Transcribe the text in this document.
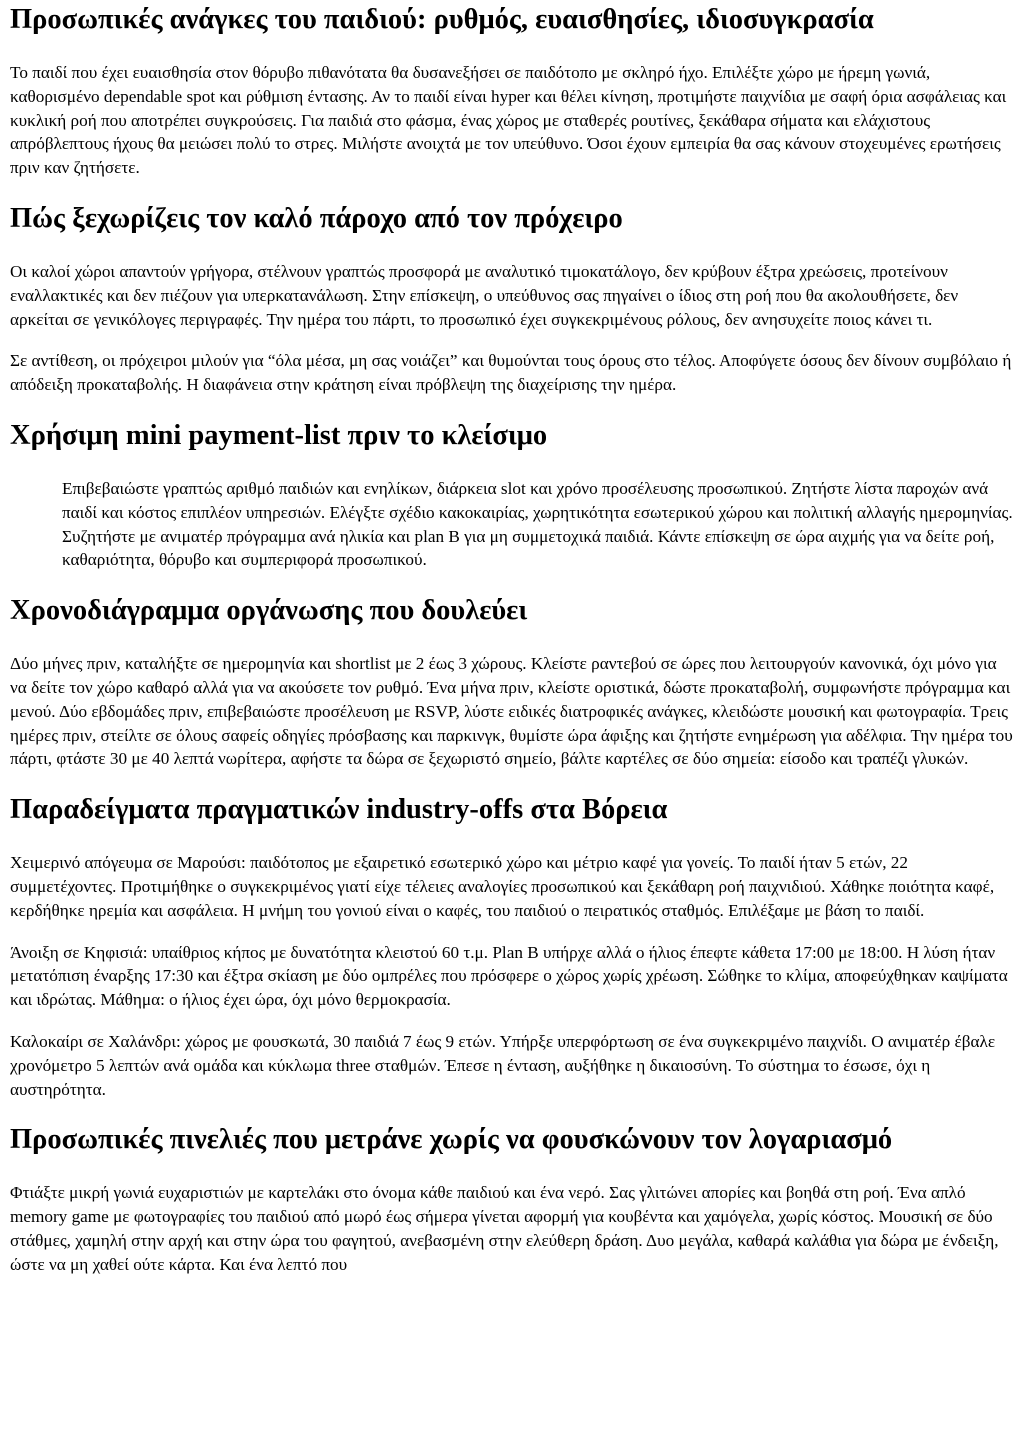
Προσωπικές ανάγκες του παιδιού: ρυθμός, ευαισθησίες, ιδιοσυγκρασία

Το παιδί που έχει ευαισθησία στον θόρυβο πιθανότατα θα δυσανεξήσει σε παιδότοπο με σκληρό ήχο. Επιλέξτε χώρο με ήρεμη γωνιά, καθορισμένο dependable spot και ρύθμιση έντασης. Αν το παιδί είναι hyper και θέλει κίνηση, προτιμήστε παιχνίδια με σαφή όρια ασφάλειας και κυκλική ροή που αποτρέπει συγκρούσεις. Για παιδιά στο φάσμα, ένας χώρος με σταθερές ρουτίνες, ξεκάθαρα σήματα και ελάχιστους απρόβλεπτους ήχους θα μειώσει πολύ το στρες. Μιλήστε ανοιχτά με τον υπεύθυνο. Όσοι έχουν εμπειρία θα σας κάνουν στοχευμένες ερωτήσεις πριν καν ζητήσετε.

Πώς ξεχωρίζεις τον καλό πάροχο από τον πρόχειρο

Οι καλοί χώροι απαντούν γρήγορα, στέλνουν γραπτώς προσφορά με αναλυτικό τιμοκατάλογο, δεν κρύβουν έξτρα χρεώσεις, προτείνουν εναλλακτικές και δεν πιέζουν για υπερκατανάλωση. Στην επίσκεψη, ο υπεύθυνος σας πηγαίνει ο ίδιος στη ροή που θα ακολουθήσετε, δεν αρκείται σε γενικόλογες περιγραφές. Την ημέρα του πάρτι, το προσωπικό έχει συγκεκριμένους ρόλους, δεν ανησυχείτε ποιος κάνει τι.

Σε αντίθεση, οι πρόχειροι μιλούν για “όλα μέσα, μη σας νοιάζει” και θυμούνται τους όρους στο τέλος. Αποφύγετε όσους δεν δίνουν συμβόλαιο ή απόδειξη προκαταβολής. Η διαφάνεια στην κράτηση είναι πρόβλεψη της διαχείρισης την ημέρα.

Χρήσιμη mini payment-list πριν το κλείσιμο

Επιβεβαιώστε γραπτώς αριθμό παιδιών και ενηλίκων, διάρκεια slot και χρόνο προσέλευσης προσωπικού. Ζητήστε λίστα παροχών ανά παιδί και κόστος επιπλέον υπηρεσιών. Ελέγξτε σχέδιο κακοκαιρίας, χωρητικότητα εσωτερικού χώρου και πολιτική αλλαγής ημερομηνίας. Συζητήστε με ανιματέρ πρόγραμμα ανά ηλικία και plan B για μη συμμετοχικά παιδιά. Κάντε επίσκεψη σε ώρα αιχμής για να δείτε ροή, καθαριότητα, θόρυβο και συμπεριφορά προσωπικού.

Χρονοδιάγραμμα οργάνωσης που δουλεύει

Δύο μήνες πριν, καταλήξτε σε ημερομηνία και shortlist με 2 έως 3 χώρους. Κλείστε ραντεβού σε ώρες που λειτουργούν κανονικά, όχι μόνο για να δείτε τον χώρο καθαρό αλλά για να ακούσετε τον ρυθμό. Ένα μήνα πριν, κλείστε οριστικά, δώστε προκαταβολή, συμφωνήστε πρόγραμμα και μενού. Δύο εβδομάδες πριν, επιβεβαιώστε προσέλευση με RSVP, λύστε ειδικές διατροφικές ανάγκες, κλειδώστε μουσική και φωτογραφία. Τρεις ημέρες πριν, στείλτε σε όλους σαφείς οδηγίες πρόσβασης και παρκινγκ, θυμίστε ώρα άφιξης και ζητήστε ενημέρωση για αδέλφια. Την ημέρα του πάρτι, φτάστε 30 με 40 λεπτά νωρίτερα, αφήστε τα δώρα σε ξεχωριστό σημείο, βάλτε καρτέλες σε δύο σημεία: είσοδο και τραπέζι γλυκών.

Παραδείγματα πραγματικών industry-offs στα Βόρεια

Χειμερινό απόγευμα σε Μαρούσι: παιδότοπος με εξαιρετικό εσωτερικό χώρο και μέτριο καφέ για γονείς. Το παιδί ήταν 5 ετών, 22 συμμετέχοντες. Προτιμήθηκε ο συγκεκριμένος γιατί είχε τέλειες αναλογίες προσωπικού και ξεκάθαρη ροή παιχνιδιού. Χάθηκε ποιότητα καφέ, κερδήθηκε ηρεμία και ασφάλεια. Η μνήμη του γονιού είναι ο καφές, του παιδιού ο πειρατικός σταθμός. Επιλέξαμε με βάση το παιδί.

Άνοιξη σε Κηφισιά: υπαίθριος κήπος με δυνατότητα κλειστού 60 τ.μ. Plan B υπήρχε αλλά ο ήλιος έπεφτε κάθετα 17:00 με 18:00. Η λύση ήταν μετατόπιση έναρξης 17:30 και έξτρα σκίαση με δύο ομπρέλες που πρόσφερε ο χώρος χωρίς χρέωση. Σώθηκε το κλίμα, αποφεύχθηκαν καψίματα και ιδρώτας. Μάθημα: ο ήλιος έχει ώρα, όχι μόνο θερμοκρασία.

Καλοκαίρι σε Χαλάνδρι: χώρος με φουσκωτά, 30 παιδιά 7 έως 9 ετών. Υπήρξε υπερφόρτωση σε ένα συγκεκριμένο παιχνίδι. Ο ανιματέρ έβαλε χρονόμετρο 5 λεπτών ανά ομάδα και κύκλωμα three σταθμών. Έπεσε η ένταση, αυξήθηκε η δικαιοσύνη. Το σύστημα το έσωσε, όχι η αυστηρότητα.

Προσωπικές πινελιές που μετράνε χωρίς να φουσκώνουν τον λογαριασμό

Φτιάξτε μικρή γωνιά ευχαριστιών με καρτελάκι στο όνομα κάθε παιδιού και ένα νερό. Σας γλιτώνει απορίες και βοηθά στη ροή. Ένα απλό memory game με φωτογραφίες του παιδιού από μωρό έως σήμερα γίνεται αφορμή για κουβέντα και χαμόγελα, χωρίς κόστος. Μουσική σε δύο στάθμες, χαμηλή στην αρχή και στην ώρα του φαγητού, ανεβασμένη στην ελεύθερη δράση. Δυο μεγάλα, καθαρά καλάθια για δώρα με ένδειξη, ώστε να μη χαθεί ούτε κάρτα. Και ένα λεπτό που
